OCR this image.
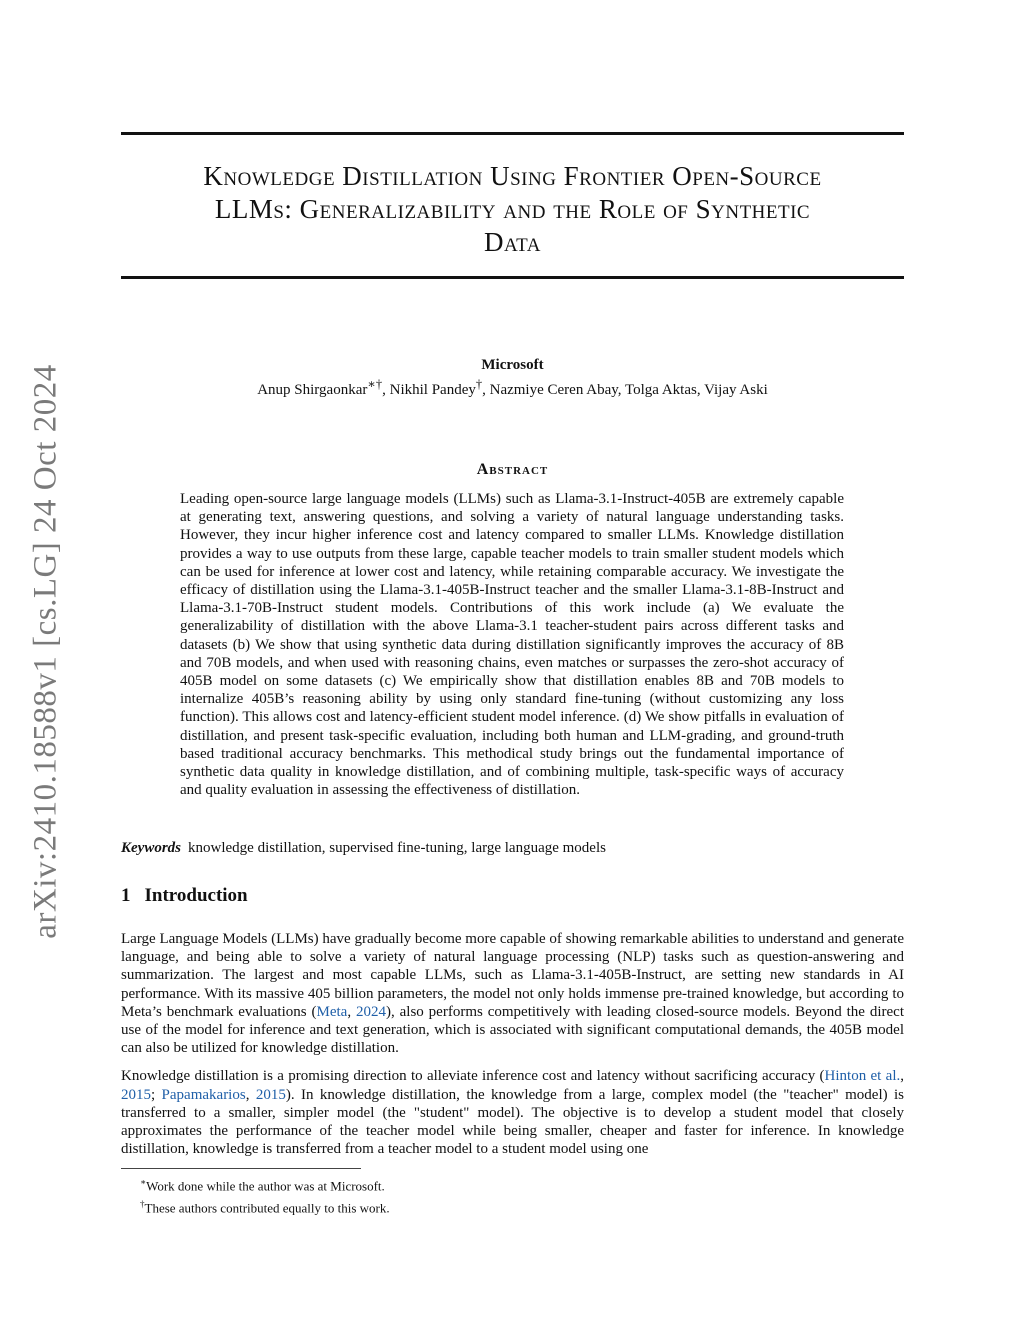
arXiv:2410.18588v1 [cs.LG] 24 Oct 2024
Knowledge Distillation Using Frontier Open-Source
LLMs: Generalizability and the Role of Synthetic
Data
Microsoft
Anup Shirgaonkar∗†, Nikhil Pandey†, Nazmiye Ceren Abay, Tolga Aktas, Vijay Aski
Abstract
Leading open-source large language models (LLMs) such as Llama-3.1-Instruct-405B are extremely capable at generating text, answering questions, and solving a variety of natural language understanding tasks. However, they incur higher inference cost and latency compared to smaller LLMs. Knowledge distillation provides a way to use outputs from these large, capable teacher models to train smaller student models which can be used for inference at lower cost and latency, while retaining comparable accuracy. We investigate the efficacy of distillation using the Llama-3.1-405B-Instruct teacher and the smaller Llama-3.1-8B-Instruct and Llama-3.1-70B-Instruct student models. Contributions of this work include (a) We evaluate the generalizability of distillation with the above Llama-3.1 teacher-student pairs across different tasks and datasets (b) We show that using synthetic data during distillation significantly improves the accuracy of 8B and 70B models, and when used with reasoning chains, even matches or surpasses the zero-shot accuracy of 405B model on some datasets (c) We empirically show that distillation enables 8B and 70B models to internalize 405B’s reasoning ability by using only standard fine-tuning (without customizing any loss function). This allows cost and latency-efficient student model inference. (d) We show pitfalls in evaluation of distillation, and present task-specific evaluation, including both human and LLM-grading, and ground-truth based traditional accuracy benchmarks. This methodical study brings out the fundamental importance of synthetic data quality in knowledge distillation, and of combining multiple, task-specific ways of accuracy and quality evaluation in assessing the effectiveness of distillation.
Keywords knowledge distillation, supervised fine-tuning, large language models
1 Introduction

Large Language Models (LLMs) have gradually become more capable of showing remarkable abilities to understand and generate language, and being able to solve a variety of natural language processing (NLP) tasks such as question-answering and summarization. The largest and most capable LLMs, such as Llama-3.1-405B-Instruct, are setting new standards in AI performance. With its massive 405 billion parameters, the model not only holds immense pre-trained knowledge, but according to Meta’s benchmark evaluations (Meta, 2024), also performs competitively with leading closed-source models. Beyond the direct use of the model for inference and text generation, which is associated with significant computational demands, the 405B model can also be utilized for knowledge distillation.

Knowledge distillation is a promising direction to alleviate inference cost and latency without sacrificing accuracy (Hinton et al., 2015; Papamakarios, 2015). In knowledge distillation, the knowledge from a large, complex model (the "teacher" model) is transferred to a smaller, simpler model (the "student" model). The objective is to develop a student model that closely approximates the performance of the teacher model while being smaller, cheaper and faster for inference. In knowledge distillation, knowledge is transferred from a teacher model to a student model using one

∗Work done while the author was at Microsoft.
†These authors contributed equally to this work.
